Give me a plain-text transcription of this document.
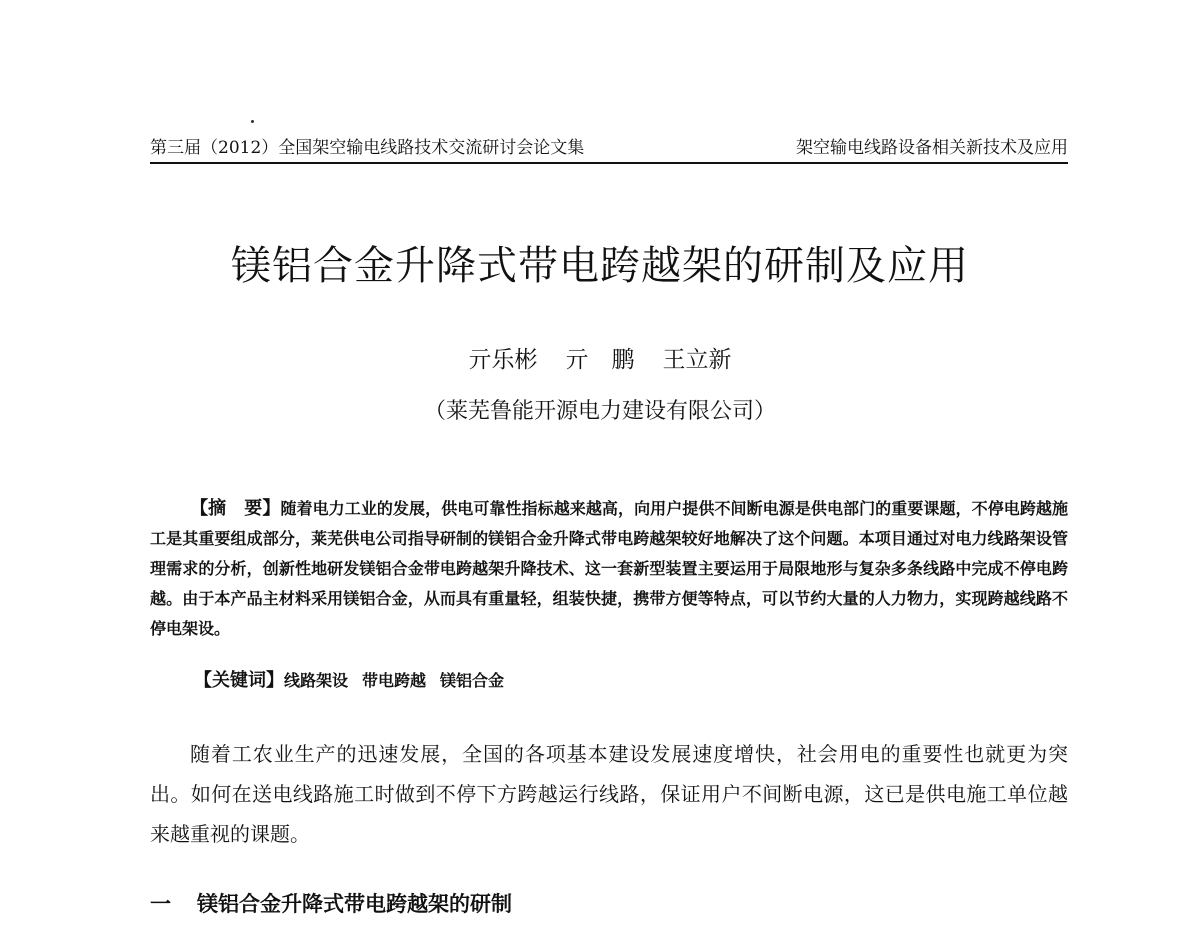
第三届（2012）全国架空输电线路技术交流研讨会论文集	架空输电线路设备相关新技术及应用
镁铝合金升降式带电跨越架的研制及应用
亓乐彬 亓　鹏 王立新
（莱芜鲁能开源电力建设有限公司）
【摘　要】随着电力工业的发展，供电可靠性指标越来越高，向用户提供不间断电源是供电部门的重要课题，不停电跨越施工是其重要组成部分，莱芜供电公司指导研制的镁铝合金升降式带电跨越架较好地解决了这个问题。本项目通过对电力线路架设管理需求的分析，创新性地研发镁铝合金带电跨越架升降技术、这一套新型装置主要运用于局限地形与复杂多条线路中完成不停电跨越。由于本产品主材料采用镁铝合金，从而具有重量轻，组装快捷，携带方便等特点，可以节约大量的人力物力，实现跨越线路不停电架设。
【关键词】线路架设 带电跨越 镁铝合金
随着工农业生产的迅速发展，全国的各项基本建设发展速度增快，社会用电的重要性也就更为突出。如何在送电线路施工时做到不停下方跨越运行线路，保证用户不间断电源，这已是供电施工单位越来越重视的课题。
一 镁铝合金升降式带电跨越架的研制
